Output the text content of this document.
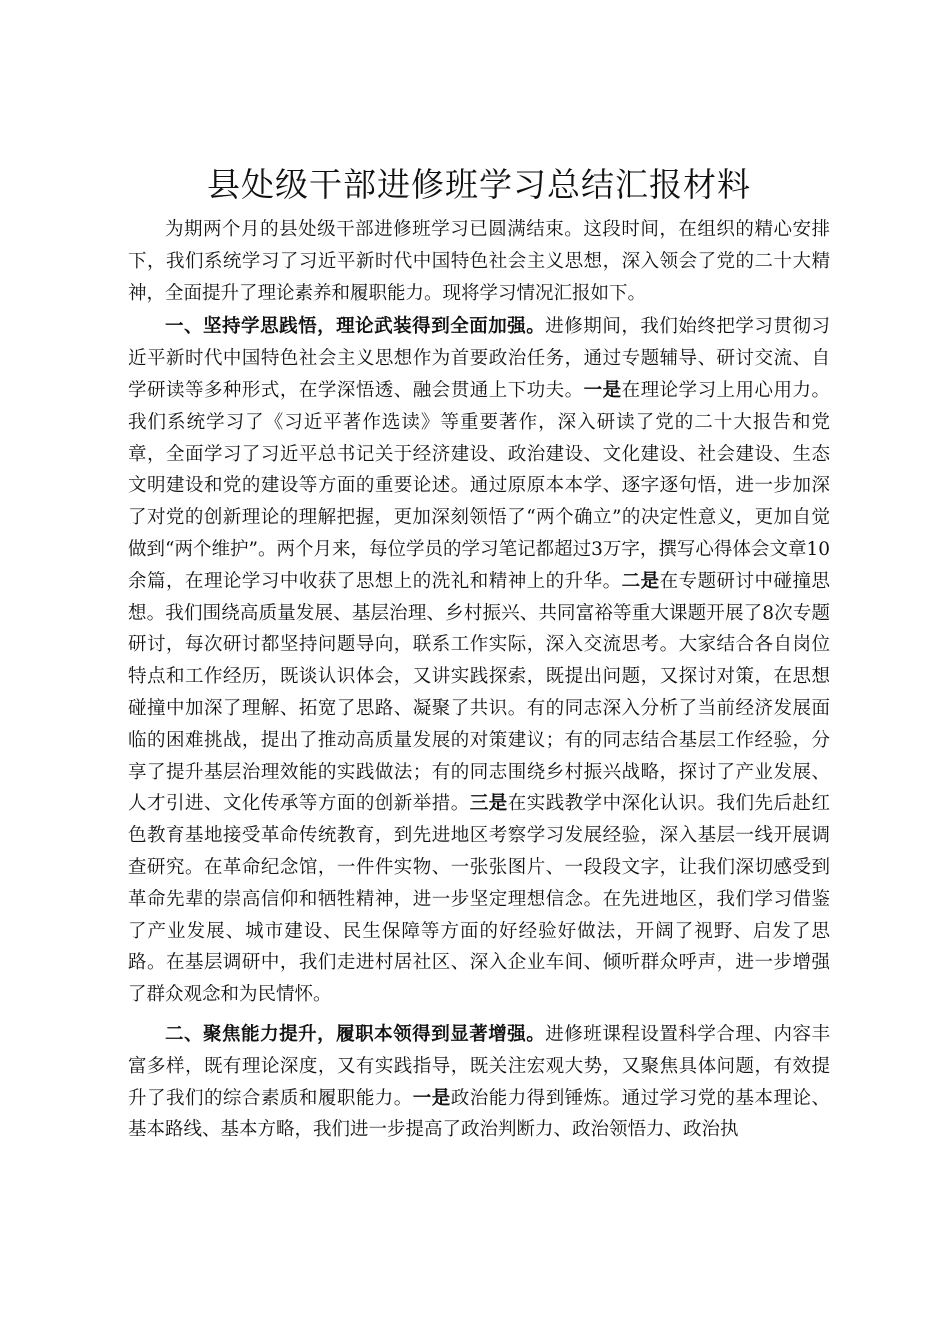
县处级干部进修班学习总结汇报材料

为期两个月的县处级干部进修班学习已圆满结束。这段时间，在组织的精心安排下，我们系统学习了习近平新时代中国特色社会主义思想，深入领会了党的二十大精神，全面提升了理论素养和履职能力。现将学习情况汇报如下。

一、坚持学思践悟，理论武装得到全面加强。进修期间，我们始终把学习贯彻习近平新时代中国特色社会主义思想作为首要政治任务，通过专题辅导、研讨交流、自学研读等多种形式，在学深悟透、融会贯通上下功夫。一是在理论学习上用心用力。我们系统学习了《习近平著作选读》等重要著作，深入研读了党的二十大报告和党章，全面学习了习近平总书记关于经济建设、政治建设、文化建设、社会建设、生态文明建设和党的建设等方面的重要论述。通过原原本本学、逐字逐句悟，进一步加深了对党的创新理论的理解把握，更加深刻领悟了“两个确立”的决定性意义，更加自觉做到“两个维护”。两个月来，每位学员的学习笔记都超过3万字，撰写心得体会文章10余篇，在理论学习中收获了思想上的洗礼和精神上的升华。二是在专题研讨中碰撞思想。我们围绕高质量发展、基层治理、乡村振兴、共同富裕等重大课题开展了8次专题研讨，每次研讨都坚持问题导向，联系工作实际，深入交流思考。大家结合各自岗位特点和工作经历，既谈认识体会，又讲实践探索，既提出问题，又探讨对策，在思想碰撞中加深了理解、拓宽了思路、凝聚了共识。有的同志深入分析了当前经济发展面临的困难挑战，提出了推动高质量发展的对策建议；有的同志结合基层工作经验，分享了提升基层治理效能的实践做法；有的同志围绕乡村振兴战略，探讨了产业发展、人才引进、文化传承等方面的创新举措。三是在实践教学中深化认识。我们先后赴红色教育基地接受革命传统教育，到先进地区考察学习发展经验，深入基层一线开展调查研究。在革命纪念馆，一件件实物、一张张图片、一段段文字，让我们深切感受到革命先辈的崇高信仰和牺牲精神，进一步坚定理想信念。在先进地区，我们学习借鉴了产业发展、城市建设、民生保障等方面的好经验好做法，开阔了视野、启发了思路。在基层调研中，我们走进村居社区、深入企业车间、倾听群众呼声，进一步增强了群众观念和为民情怀。

二、聚焦能力提升，履职本领得到显著增强。进修班课程设置科学合理、内容丰富多样，既有理论深度，又有实践指导，既关注宏观大势，又聚焦具体问题，有效提升了我们的综合素质和履职能力。一是政治能力得到锤炼。通过学习党的基本理论、基本路线、基本方略，我们进一步提高了政治判断力、政治领悟力、政治执
